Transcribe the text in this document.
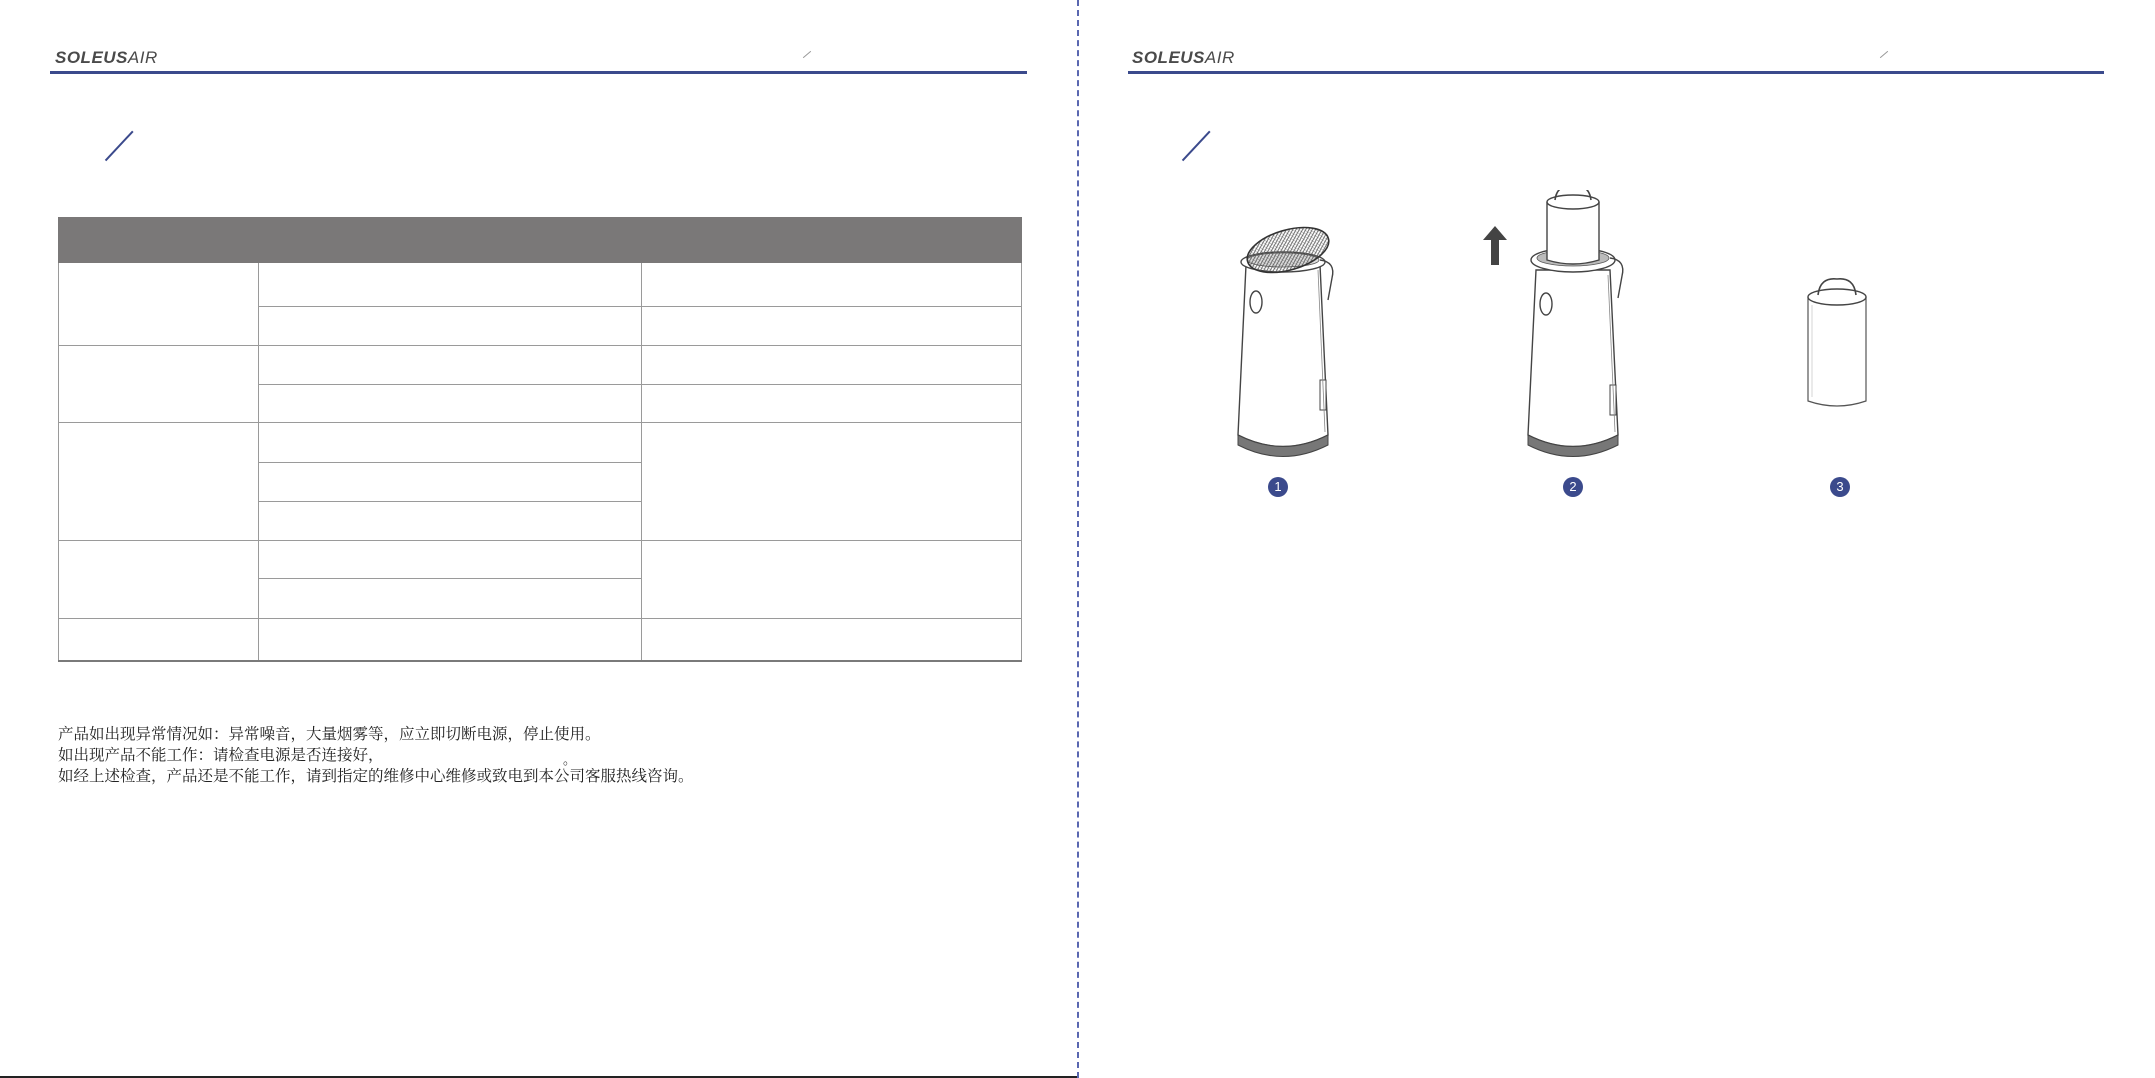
SOLEUSAIR

产品如出现异常情况如：异常噪音，大量烟雾等，应立即切断电源，停止使用。
如出现产品不能工作：请检查电源是否连接好，
如经上述检查，产品还是不能工作，请到指定的维修中心维修或致电到本公司客服热线咨询。
。
SOLEUSAIR
1	2	3
